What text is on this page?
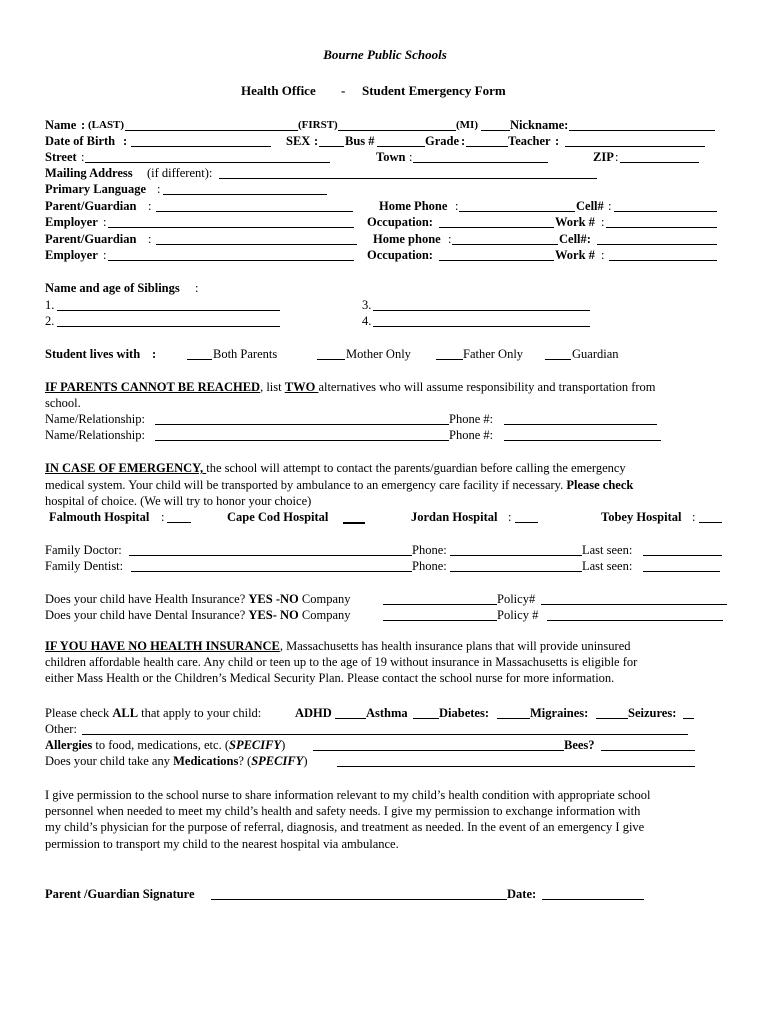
Bourne Public Schools
Health Office - Student Emergency Form
Name : (LAST)	(FIRST)	(MI)	Nickname:
Date of Birth :	SEX : Bus #	Grade :	Teacher :
Street :	Town :	ZIP :
Mailing Address (if different):
Primary Language :
Parent/Guardian :	Home Phone :	Cell# :
Employer :	Occupation:	Work # :
Parent/Guardian :	Home phone :	Cell#:
Employer :	Occupation:	Work # :
Name and age of Siblings :
1.	3.
2.	4.
Student lives with :	Both Parents	Mother Only	Father Only	Guardian
IF PARENTS CANNOT BE REACHED, list TWO alternatives who will assume responsibility and transportation from
school.
Name/Relationship:	Phone #:
Name/Relationship:	Phone #:
IN CASE OF EMERGENCY, the school will attempt to contact the parents/guardian before calling the emergency
medical system. Your child will be transported by ambulance to an emergency care facility if necessary. Please check
hospital of choice. (We will try to honor your choice)
Falmouth Hospital :	Cape Cod Hospital	Jordan Hospital :	Tobey Hospital :
Family Doctor:	Phone:	Last seen:
Family Dentist:	Phone:	Last seen:
Does your child have Health Insurance? YES -NO Company	Policy#
Does your child have Dental Insurance? YES- NO Company	Policy #
IF YOU HAVE NO HEALTH INSURANCE, Massachusetts has health insurance plans that will provide uninsured
children affordable health care. Any child or teen up to the age of 19 without insurance in Massachusetts is eligible for
either Mass Health or the Children’s Medical Security Plan. Please contact the school nurse for more information.
Please check ALL that apply to your child:	ADHD	Asthma	Diabetes:	Migraines:	Seizures:
Other:
Allergies to food, medications, etc. (SPECIFY)	Bees?
Does your child take any Medications? (SPECIFY)
I give permission to the school nurse to share information relevant to my child’s health condition with appropriate school
personnel when needed to meet my child’s health and safety needs. I give my permission to exchange information with
my child’s physician for the purpose of referral, diagnosis, and treatment as needed. In the event of an emergency I give
permission to transport my child to the nearest hospital via ambulance.
Parent /Guardian Signature	Date:
